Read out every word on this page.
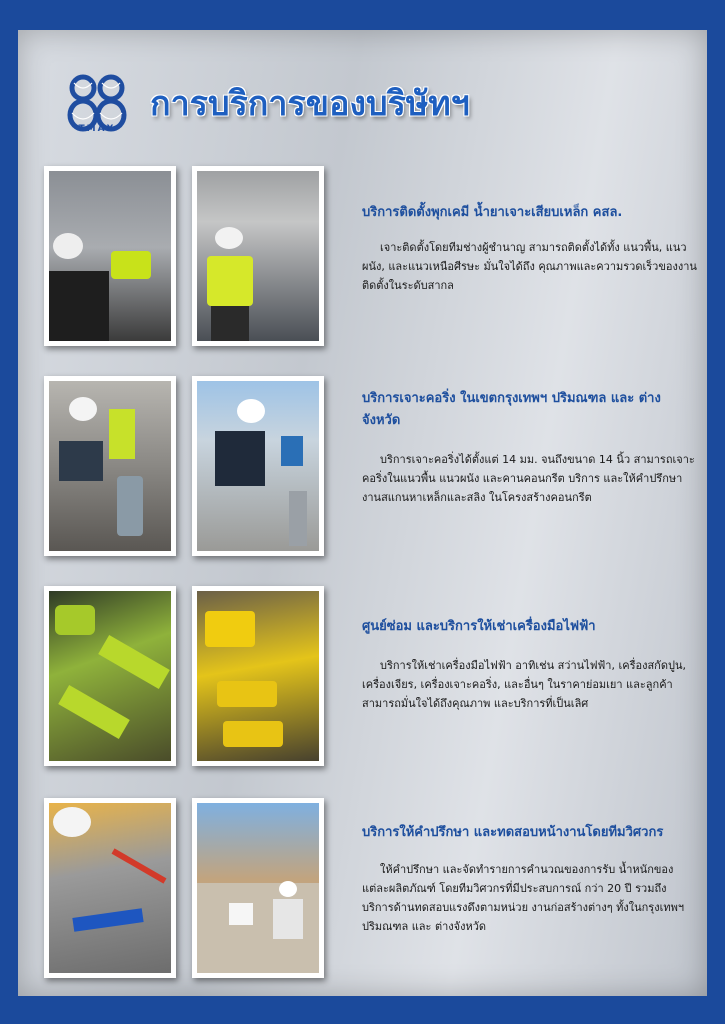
TMAX
การบริการของบริษัทฯ
บริการติดตั้งพุกเคมี น้ำยาเจาะเสียบเหล็ก คสล.
เจาะติดตั้งโดยทีมช่างผู้ชำนาญ สามารถติดตั้งได้ทั้ง แนวพื้น, แนวผนัง, และแนวเหนือศีรษะ มั่นใจได้ถึง คุณภาพและความรวดเร็วของงานติดตั้งในระดับสากล
บริการเจาะคอริ่ง ในเขตกรุงเทพฯ ปริมณฑล และ ต่างจังหวัด
บริการเจาะคอริ่งได้ตั้งแต่ 14 มม. จนถึงขนาด 14 นิ้ว สามารถเจาะคอริ่งในแนวพื้น แนวผนัง และคานคอนกรีต บริการ และให้คำปรึกษา งานสแกนหาเหล็กและสลิง ในโครงสร้างคอนกรีต
ศูนย์ซ่อม และบริการให้เช่าเครื่องมือไฟฟ้า
บริการให้เช่าเครื่องมือไฟฟ้า อาทิเช่น สว่านไฟฟ้า, เครื่องสกัดปูน, เครื่องเจียร, เครื่องเจาะคอริ่ง, และอื่นๆ ในราคาย่อมเยา และลูกค้าสามารถมั่นใจได้ถึงคุณภาพ และบริการที่เป็นเลิศ
บริการให้คำปรึกษา และทดสอบหน้างานโดยทีมวิศวกร
ให้คำปรึกษา และจัดทำรายการคำนวณของการรับ น้ำหนักของแต่ละผลิตภัณฑ์ โดยทีมวิศวกรที่มีประสบการณ์ กว่า 20 ปี รวมถึงบริการด้านทดสอบแรงดึงตามหน่วย งานก่อสร้างต่างๆ ทั้งในกรุงเทพฯ ปริมณฑล และ ต่างจังหวัด
